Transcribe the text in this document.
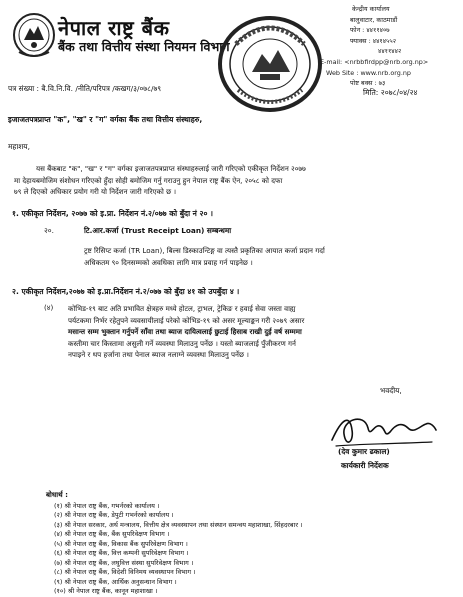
नेपाल राष्ट्र बैंक
बैंक तथा वित्तीय संस्था नियमन विभाग
केन्द्रीय कार्यालय
बालुवाटार, काठमाडौं
फोन : ४४११४०७
फ्याक्स : ४४१४५५२
४४११४४२
E-mail: <nrbbfirdpp@nrb.org.np>
Web Site : www.nrb.org.np
पोष्ट बक्स : ७३
पत्र संख्या : बै.वि.नि.वि. /नीति/परिपत्र /कखग/३/०७८/७९	मिति: २०७८/०४/२४
इजाजतपत्रप्राप्त "क", "ख" र "ग" वर्गका बैंक तथा वित्तीय संस्थाहरु,
महाशय,
यस बैंकबाट "क", "ख" र "ग" वर्गका इजाजतपत्रप्राप्त संस्थाहरुलाई जारी गरिएको एकीकृत निर्देशन २०७७
मा देहायबमोजिम संशोधन गरिएको हुँदा सोही बमोजिम गर्नु गराउनु हुन नेपाल राष्ट्र बैंक ऐन, २०५८ को दफा
७९ ले दिएको अधिकार प्रयोग गरी यो निर्देशन जारी गरिएको छ ।
१. एकीकृत निर्देशन, २०७७ को इ.प्रा. निर्देशन नं.२/०७७ को बुँदा नं २० ।
२०.	टि.आर.कर्जा (Trust Receipt Loan) सम्बन्धमा
ट्रष्ट रिसिप्ट कर्जा (TR Loan), बिल्स डिस्काउन्टिङ्ग वा त्यस्तै प्रकृतिका आयात कर्जा प्रदान गर्दा
अधिकतम ९० दिनसम्मको अवधिका लागि मात्र प्रवाह गर्न पाइनेछ ।
२. एकीकृत निर्देशन,२०७७ को इ.प्रा.निर्देशन नं.२/०७७ को बुँदा ४१ को उपबुँदा ४ ।
(४) कोभिड-१९ बाट अति प्रभावित क्षेत्रहरु मध्ये होटल, ट्राभल, ट्रेकिङ र हवाई सेवा जस्ता वाह्य
पर्यटकमा निर्भर रहेतुपने व्यवसायीलाई परेको कोभिड-१९ को असर मूल्याङ्कन गरी २०७९ असार
मसान्त सम्म भुक्तान गर्नुपर्ने साँवा तथा ब्याज दायित्वलाई छुटाई हिसाब राखी दुई वर्ष सम्ममा
कस्तीमा चार किस्तामा असुली गर्ने व्यवस्था मिलाउनु पर्नेछ । यस्तो ब्याजलाई पुँजीकरण गर्न
नपाइने र थप हर्जाना तथा पेनाल ब्याज नलाग्ने व्यवस्था मिलाउनु पर्नेछ ।
भवदीय,
(देव कुमार ढकाल)
कार्यकारी निर्देशक
बोधार्थ :
(१) श्री नेपाल राष्ट्र बैंक, गभर्नरको कार्यालय ।
(२) श्री नेपाल राष्ट्र बैंक, डेपुटी गभर्नरको कार्यालय ।
(३) श्री नेपाल सरकार, अर्थ मन्त्रालय, वित्तीय क्षेत्र व्यवस्थापन तथा संस्थान समन्वय महाशाखा, सिंहदरबार ।
(४) श्री नेपाल राष्ट्र बैंक, बैंक सुपरिवेक्षण विभाग ।
(५) श्री नेपाल राष्ट्र बैंक, विकास बैंक सुपरिवेक्षण विभाग ।
(६) श्री नेपाल राष्ट्र बैंक, वित्त कम्पनी सुपरिवेक्षण विभाग ।
(७) श्री नेपाल राष्ट्र बैंक, लघुवित्त संस्था सुपरिवेक्षण विभाग ।
(८) श्री नेपाल राष्ट्र बैंक, विदेशी विनिमय व्यवस्थापन विभाग ।
(९) श्री नेपाल राष्ट्र बैंक, आर्थिक अनुसन्धान विभाग ।
(१०) श्री नेपाल राष्ट्र बैंक, कानून महाशाखा ।
